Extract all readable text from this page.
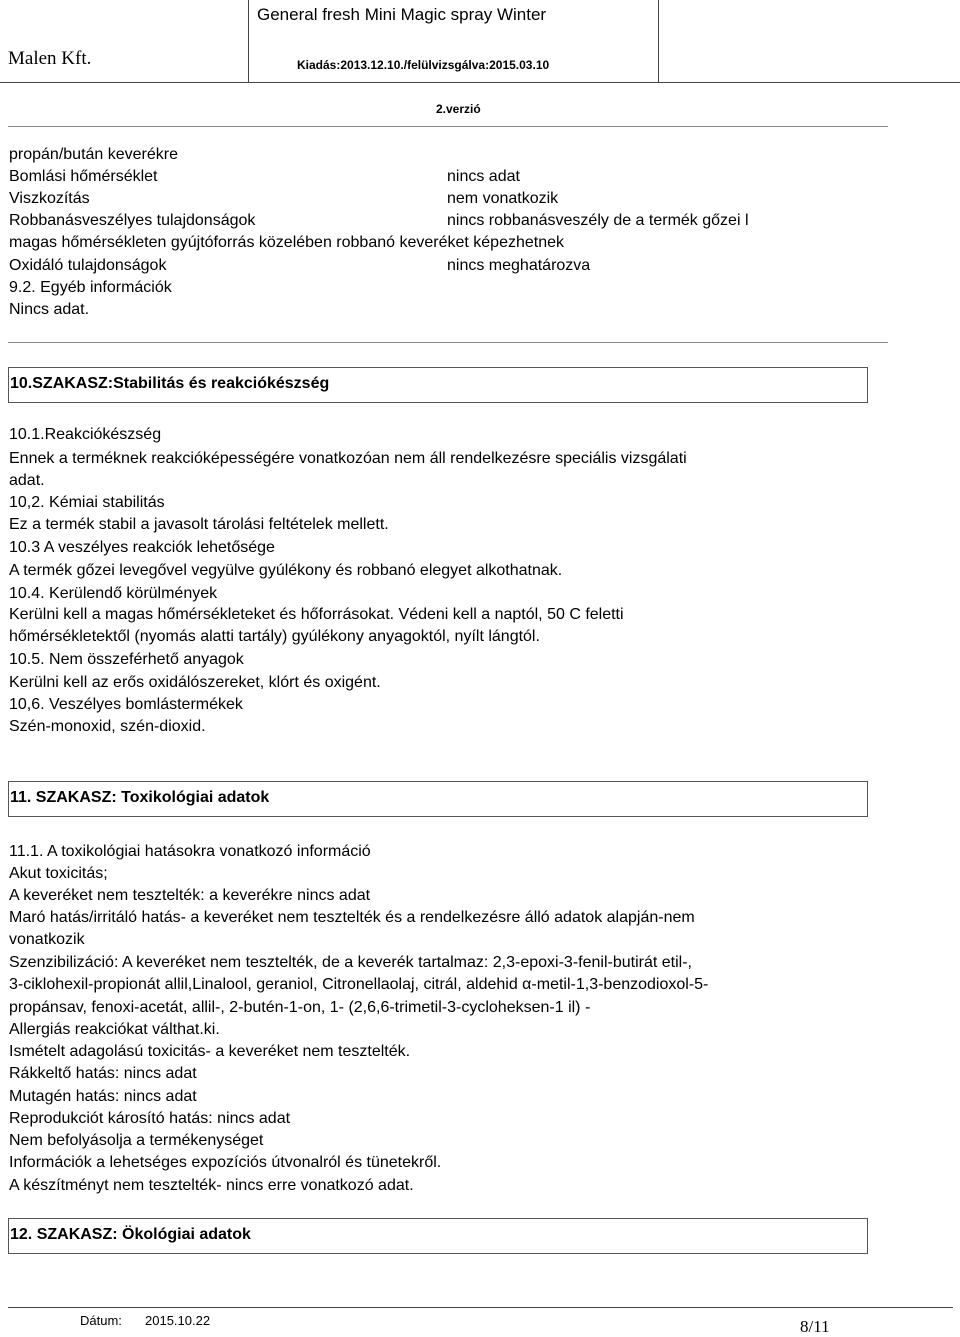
Malen Kft.
General fresh Mini Magic spray Winter
Kiadás:2013.12.10./felülvizsgálva:2015.03.10
2.verzió
propán/bután keverékre
Bomlási hőmérséklet	nincs adat
Viszkozítás	nem vonatkozik
Robbanásveszélyes tulajdonságok	nincs robbanásveszély de a termék gőzei l
magas hőmérsékleten gyújtóforrás közelében robbanó keveréket képezhetnek
Oxidáló tulajdonságok	nincs meghatározva
9.2. Egyéb információk
Nincs adat.
10.SZAKASZ:Stabilitás és reakciókészség
10.1.Reakciókészség
Ennek a terméknek reakcióképességére vonatkozóan nem áll rendelkezésre speciális vizsgálati
adat.
10,2. Kémiai stabilitás
Ez a termék stabil a javasolt tárolási feltételek mellett.
10.3 A veszélyes reakciók lehetősége
A termék gőzei levegővel vegyülve gyúlékony és robbanó elegyet alkothatnak.
10.4. Kerülendő körülmények
Kerülni kell a magas hőmérsékleteket és hőforrásokat. Védeni kell a naptól, 50 C feletti
hőmérsékletektől (nyomás alatti tartály) gyúlékony anyagoktól, nyílt lángtól.
10.5. Nem összeférhető anyagok
Kerülni kell az erős oxidálószereket, klórt és oxigént.
10,6. Veszélyes bomlástermékek
Szén-monoxid, szén-dioxid.
11. SZAKASZ: Toxikológiai adatok
11.1. A toxikológiai hatásokra vonatkozó információ
Akut toxicitás;
A keveréket nem tesztelték: a keverékre nincs adat
Maró hatás/irritáló hatás- a keveréket nem tesztelték és a rendelkezésre álló adatok alapján-nem
vonatkozik
Szenzibilizáció: A keveréket nem tesztelték, de a keverék tartalmaz: 2,3-epoxi-3-fenil-butirát etil-,
3-ciklohexil-propionát allil,Linalool, geraniol, Citronellaolaj, citrál, aldehid α-metil-1,3-benzodioxol-5-
propánsav, fenoxi-acetát, allil-, 2-butén-1-on, 1- (2,6,6-trimetil-3-cycloheksen-1 il) -
Allergiás reakciókat válthat.ki.
Ismételt adagolású toxicitás- a keveréket nem tesztelték.
Rákkeltő hatás: nincs adat
Mutagén hatás: nincs adat
Reprodukciót károsító hatás: nincs adat
Nem befolyásolja a termékenységet
Információk a lehetséges expozíciós útvonalról és tünetekről.
A készítményt nem tesztelték- nincs erre vonatkozó adat.
12. SZAKASZ: Ökológiai adatok
Dátum: 2015.10.22	8/11
